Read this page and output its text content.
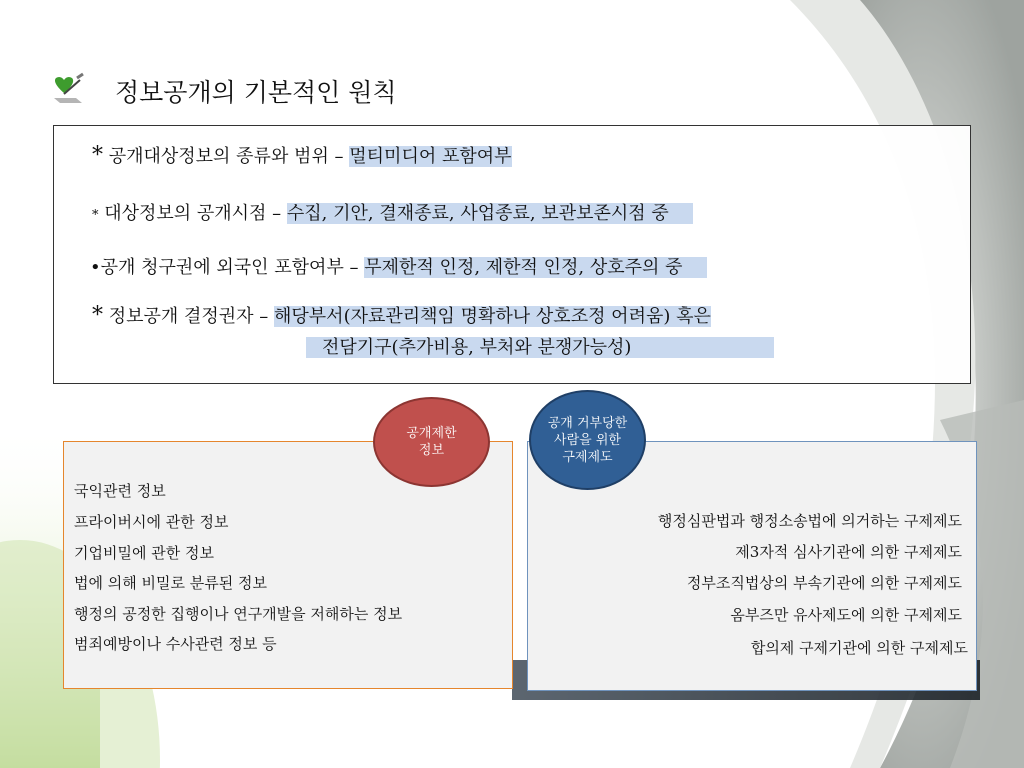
정보공개의 기본적인 원칙
* 공개대상정보의 종류와 범위 – 멀티미디어 포함여부
* 대상정보의 공개시점 – 수집, 기안, 결재종료, 사업종료, 보관보존시점 중
•공개 청구권에 외국인 포함여부 – 무제한적 인정, 제한적 인정, 상호주의 중
* 정보공개 결정권자 – 해당부서(자료관리책임 명확하나 상호조정 어려움) 혹은
전담기구(추가비용, 부처와 분쟁가능성)
국익관련 정보
프라이버시에 관한 정보
기업비밀에 관한 정보
법에 의해 비밀로 분류된 정보
행정의 공정한 집행이나 연구개발을 저해하는 정보
범죄예방이나 수사관련 정보 등
행정심판법과 행정소송법에 의거하는 구제제도
제3자적 심사기관에 의한 구제제도
정부조직법상의 부속기관에 의한 구제제도
옴부즈만 유사제도에 의한 구제제도
합의제 구제기관에 의한 구제제도
공개제한
정보
공개 거부당한
사람을 위한
구제제도
